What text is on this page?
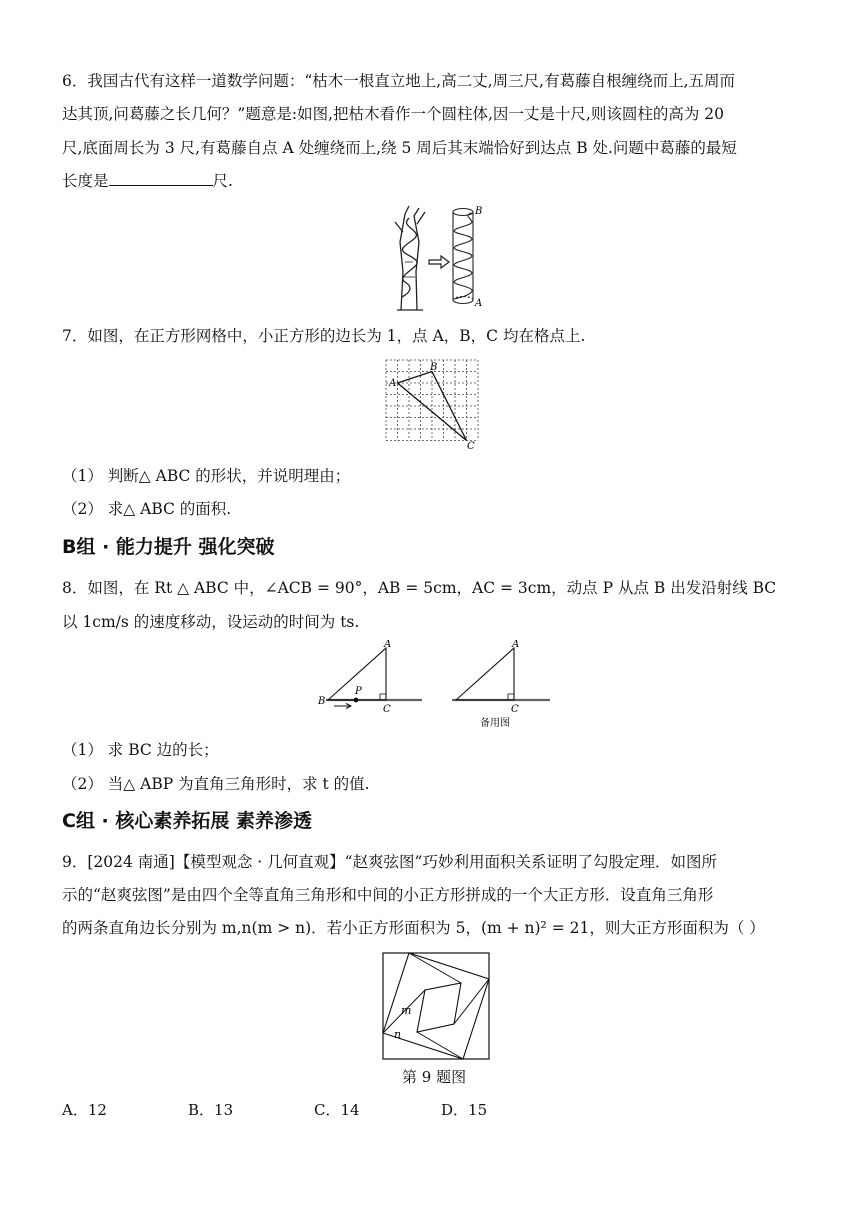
6．我国古代有这样一道数学问题：“枯木一根直立地上,高二丈,周三尺,有葛藤自根缠绕而上,五周而
达其顶,问葛藤之长几何？”题意是:如图,把枯木看作一个圆柱体,因一丈是十尺,则该圆柱的高为 20
尺,底面周长为 3 尺,有葛藤自点 A 处缠绕而上,绕 5 周后其末端恰好到达点 B 处.问题中葛藤的最短
长度是	尺.
B
A
7．如图，在正方形网格中，小正方形的边长为 1，点 A，B，C 均在格点上.
A
B
C
（1） 判断△ ABC 的形状，并说明理由；
（2） 求△ ABC 的面积.
B组 · 能力提升 强化突破
8．如图，在 Rt △ ABC 中，∠ACB = 90°，AB = 5cm，AC = 3cm，动点 P 从点 B 出发沿射线 BC
以 1cm/s 的速度移动，设运动的时间为 ts.
B
A
C
P
A
C
备用图
（1） 求 BC 边的长；
（2） 当△ ABP 为直角三角形时，求 t 的值.
C组 · 核心素养拓展 素养渗透
9．[2024 南通]【模型观念 · 几何直观】“赵爽弦图”巧妙利用面积关系证明了勾股定理．如图所
示的“赵爽弦图”是由四个全等直角三角形和中间的小正方形拼成的一个大正方形．设直角三角形
的两条直角边长分别为 m,n(m > n)．若小正方形面积为 5，(m + n)² = 21，则大正方形面积为（ ）
m
n
第 9 题图
A．12	B．13	C．14	D．15
